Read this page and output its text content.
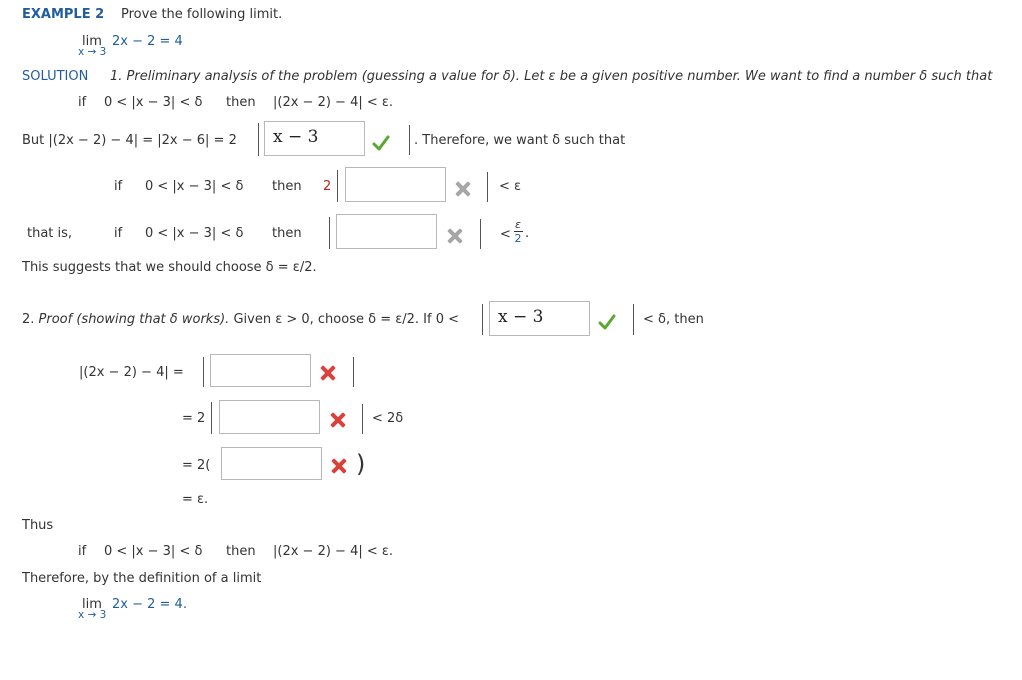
EXAMPLE 2 Prove the following limit.
lim
x → 3
2x − 2 = 4
SOLUTION 1. Preliminary analysis of the problem (guessing a value for δ). Let ε be a given positive number. We want to find a number δ such that
if 0 < |x − 3| < δ then |(2x − 2) − 4| < ε.
But |(2x − 2) − 4| = |2x − 6| = 2	x − 3	. Therefore, we want δ such that
if 0 < |x − 3| < δ then 2	< ε
that is,	if 0 < |x − 3| < δ then	<
ε
2 .
This suggests that we should choose δ = ε/2.
2. Proof (showing that δ works). Given ε > 0, choose δ = ε/2. If 0 <	x − 3	< δ, then
|(2x − 2) − 4| =
= 2	< 2δ
= 2(	)
= ε.
Thus
if 0 < |x − 3| < δ then |(2x − 2) − 4| < ε.
Therefore, by the definition of a limit
lim
x → 3
2x − 2 = 4.
